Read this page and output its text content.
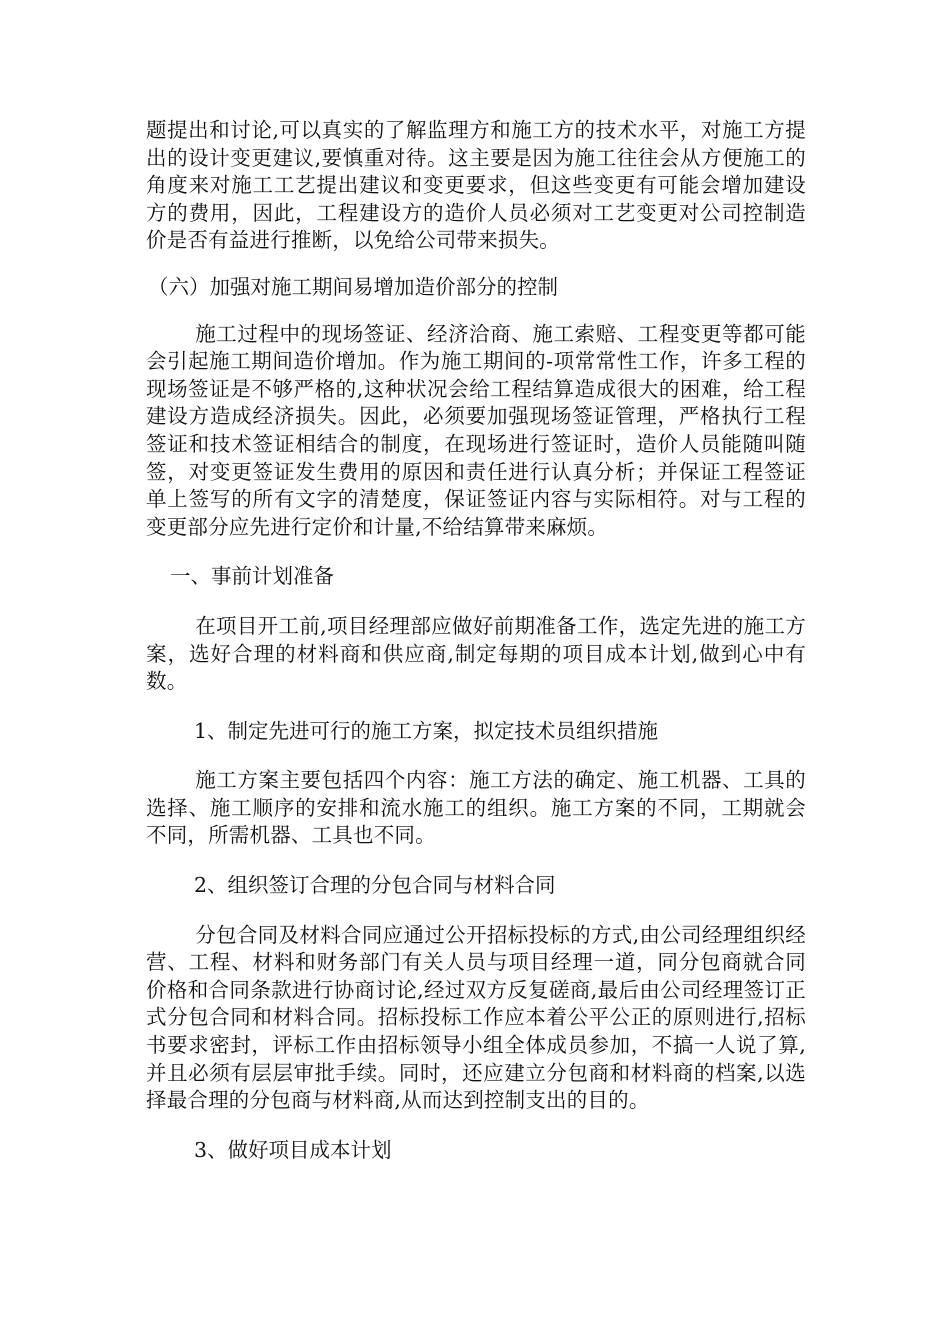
题提出和讨论,可以真实的了解监理方和施工方的技术水平，对施工方提出的设计变更建议,要慎重对待。这主要是因为施工往往会从方便施工的角度来对施工工艺提出建议和变更要求，但这些变更有可能会增加建设方的费用，因此，工程建设方的造价人员必须对工艺变更对公司控制造价是否有益进行推断，以免给公司带来损失。

（六）加强对施工期间易增加造价部分的控制

施工过程中的现场签证、经济洽商、施工索赔、工程变更等都可能会引起施工期间造价增加。作为施工期间的-项常常性工作，许多工程的现场签证是不够严格的,这种状况会给工程结算造成很大的困难，给工程建设方造成经济损失。因此，必须要加强现场签证管理，严格执行工程签证和技术签证相结合的制度，在现场进行签证时，造价人员能随叫随签，对变更签证发生费用的原因和责任进行认真分析；并保证工程签证单上签写的所有文字的清楚度，保证签证内容与实际相符。对与工程的变更部分应先进行定价和计量,不给结算带来麻烦。

一、事前计划准备

在项目开工前,项目经理部应做好前期准备工作，选定先进的施工方案，选好合理的材料商和供应商,制定每期的项目成本计划,做到心中有数。

1、制定先进可行的施工方案，拟定技术员组织措施

施工方案主要包括四个内容：施工方法的确定、施工机器、工具的选择、施工顺序的安排和流水施工的组织。施工方案的不同，工期就会不同，所需机器、工具也不同。

2、组织签订合理的分包合同与材料合同

分包合同及材料合同应通过公开招标投标的方式,由公司经理组织经营、工程、材料和财务部门有关人员与项目经理一道，同分包商就合同价格和合同条款进行协商讨论,经过双方反复磋商,最后由公司经理签订正式分包合同和材料合同。招标投标工作应本着公平公正的原则进行,招标书要求密封，评标工作由招标领导小组全体成员参加，不搞一人说了算,并且必须有层层审批手续。同时，还应建立分包商和材料商的档案,以选择最合理的分包商与材料商,从而达到控制支出的目的。

3、做好项目成本计划
